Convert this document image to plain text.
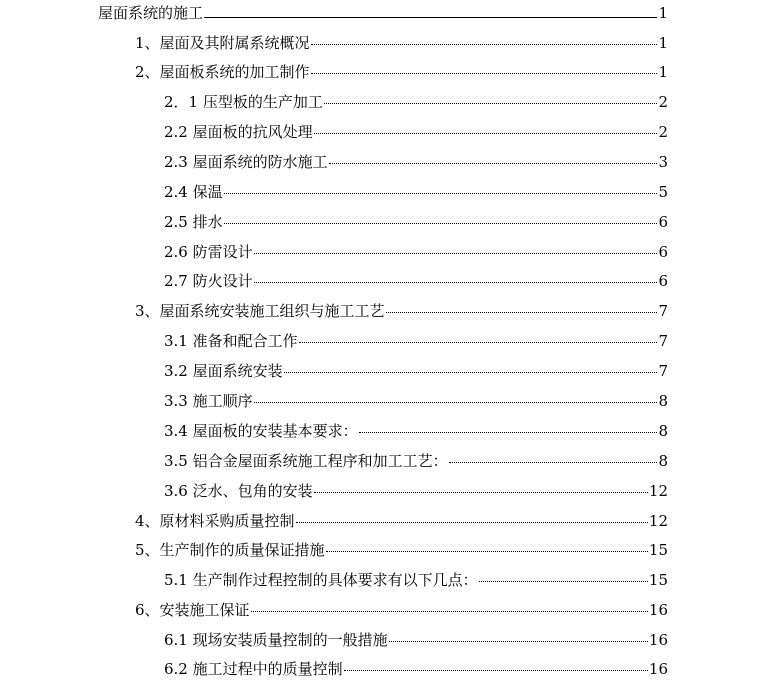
屋面系统的施工	1
1、屋面及其附属系统概况	1
2、屋面板系统的加工制作	1
2．1 压型板的生产加工	2
2.2 屋面板的抗风处理	2
2.3 屋面系统的防水施工	3
2.4 保温	5
2.5 排水	6
2.6 防雷设计	6
2.7 防火设计	6
3、屋面系统安装施工组织与施工工艺	7
3.1 准备和配合工作	7
3.2 屋面系统安装	7
3.3 施工顺序	8
3.4 屋面板的安装基本要求：	8
3.5 铝合金屋面系统施工程序和加工工艺：	8
3.6 泛水、包角的安装	12
4、原材料采购质量控制	12
5、生产制作的质量保证措施	15
5.1 生产制作过程控制的具体要求有以下几点：	15
6、安装施工保证	16
6.1 现场安装质量控制的一般措施	16
6.2 施工过程中的质量控制	16
